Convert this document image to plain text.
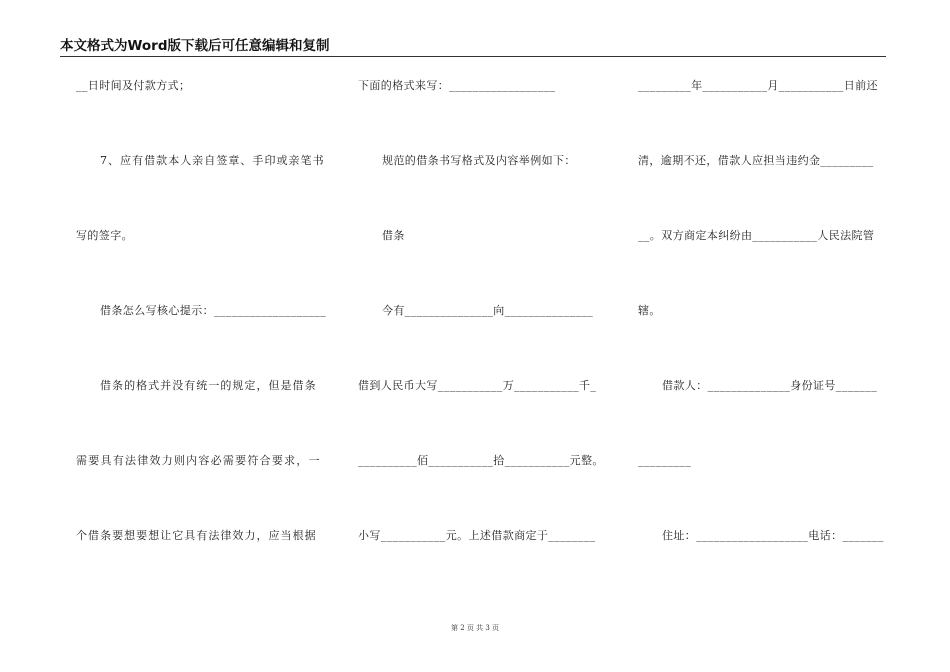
本文格式为Word版下载后可任意编辑和复制
__日时间及付款方式；
7、应有借款本人亲自签章、手印或亲笔书
写的签字。
借条怎么写核心提示：___________________
借条的格式并没有统一的规定，但是借条
需要具有法律效力则内容必需要符合要求，一
个借条要想要想让它具有法律效力，应当根据
下面的格式来写：__________________
规范的借条书写格式及内容举例如下：
借条
今有_______________向_______________
借到人民币大写___________万___________千_
__________佰___________拾___________元整。
小写___________元。上述借款商定于________
_________年___________月___________日前还
清，逾期不还，借款人应担当违约金_________
__。双方商定本纠纷由___________人民法院管
辖。
借款人：______________身份证号_______
_________
住址：___________________电话：_______
第 2 页 共 3 页
